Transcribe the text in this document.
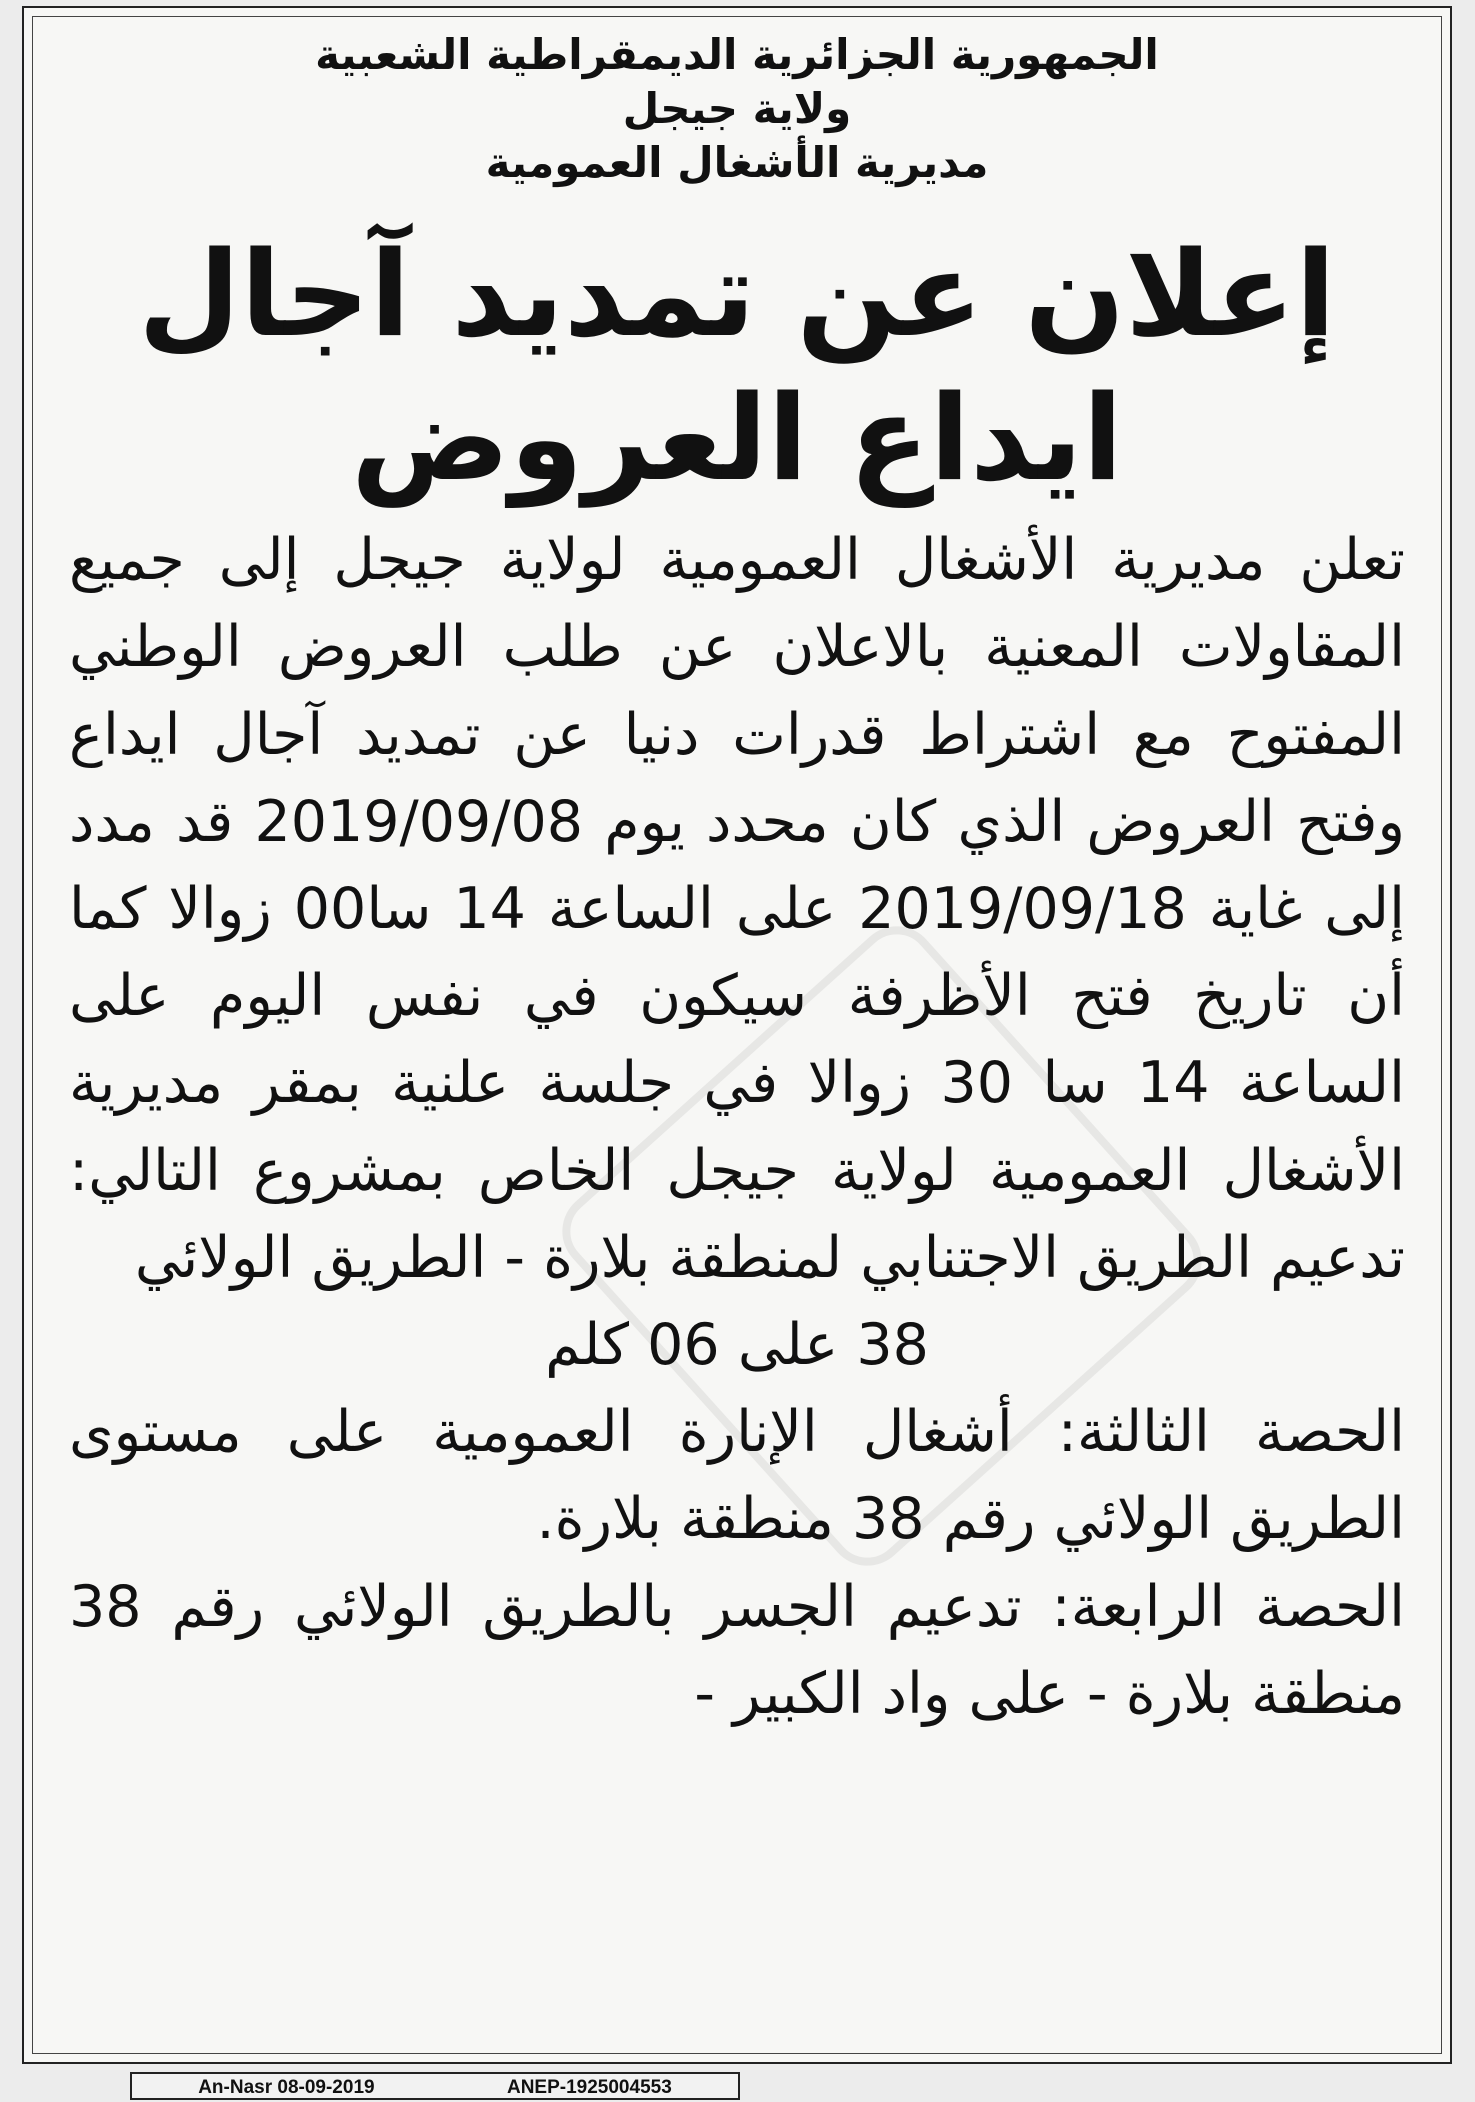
الجمهورية الجزائرية الديمقراطية الشعبية

ولاية جيجل

مديرية الأشغال العمومية

إعلان عن تمديد آجال ايداع العروض

تعلن مديرية الأشغال العمومية لولاية جيجل إلى جميع المقاولات المعنية بالاعلان عن طلب العروض الوطني المفتوح مع اشتراط قدرات دنيا عن تمديد آجال ايداع وفتح العروض الذي كان محدد يوم 2019/09/08 قد مدد إلى غاية 2019/09/18 على الساعة 14 سا00 زوالا كما أن تاريخ فتح الأظرفة سيكون في نفس اليوم على الساعة 14 سا 30 زوالا في جلسة علنية بمقر مديرية الأشغال العمومية لولاية جيجل الخاص بمشروع التالي: تدعيم الطريق الاجتنابي لمنطقة بلارة - الطريق الولائي

38 على 06 كلم

الحصة الثالثة: أشغال الإنارة العمومية على مستوى الطريق الولائي رقم 38 منطقة بلارة.

الحصة الرابعة: تدعيم الجسر بالطريق الولائي رقم 38 منطقة بلارة - على واد الكبير -

An-Nasr 08-09-2019	ANEP-1925004553
